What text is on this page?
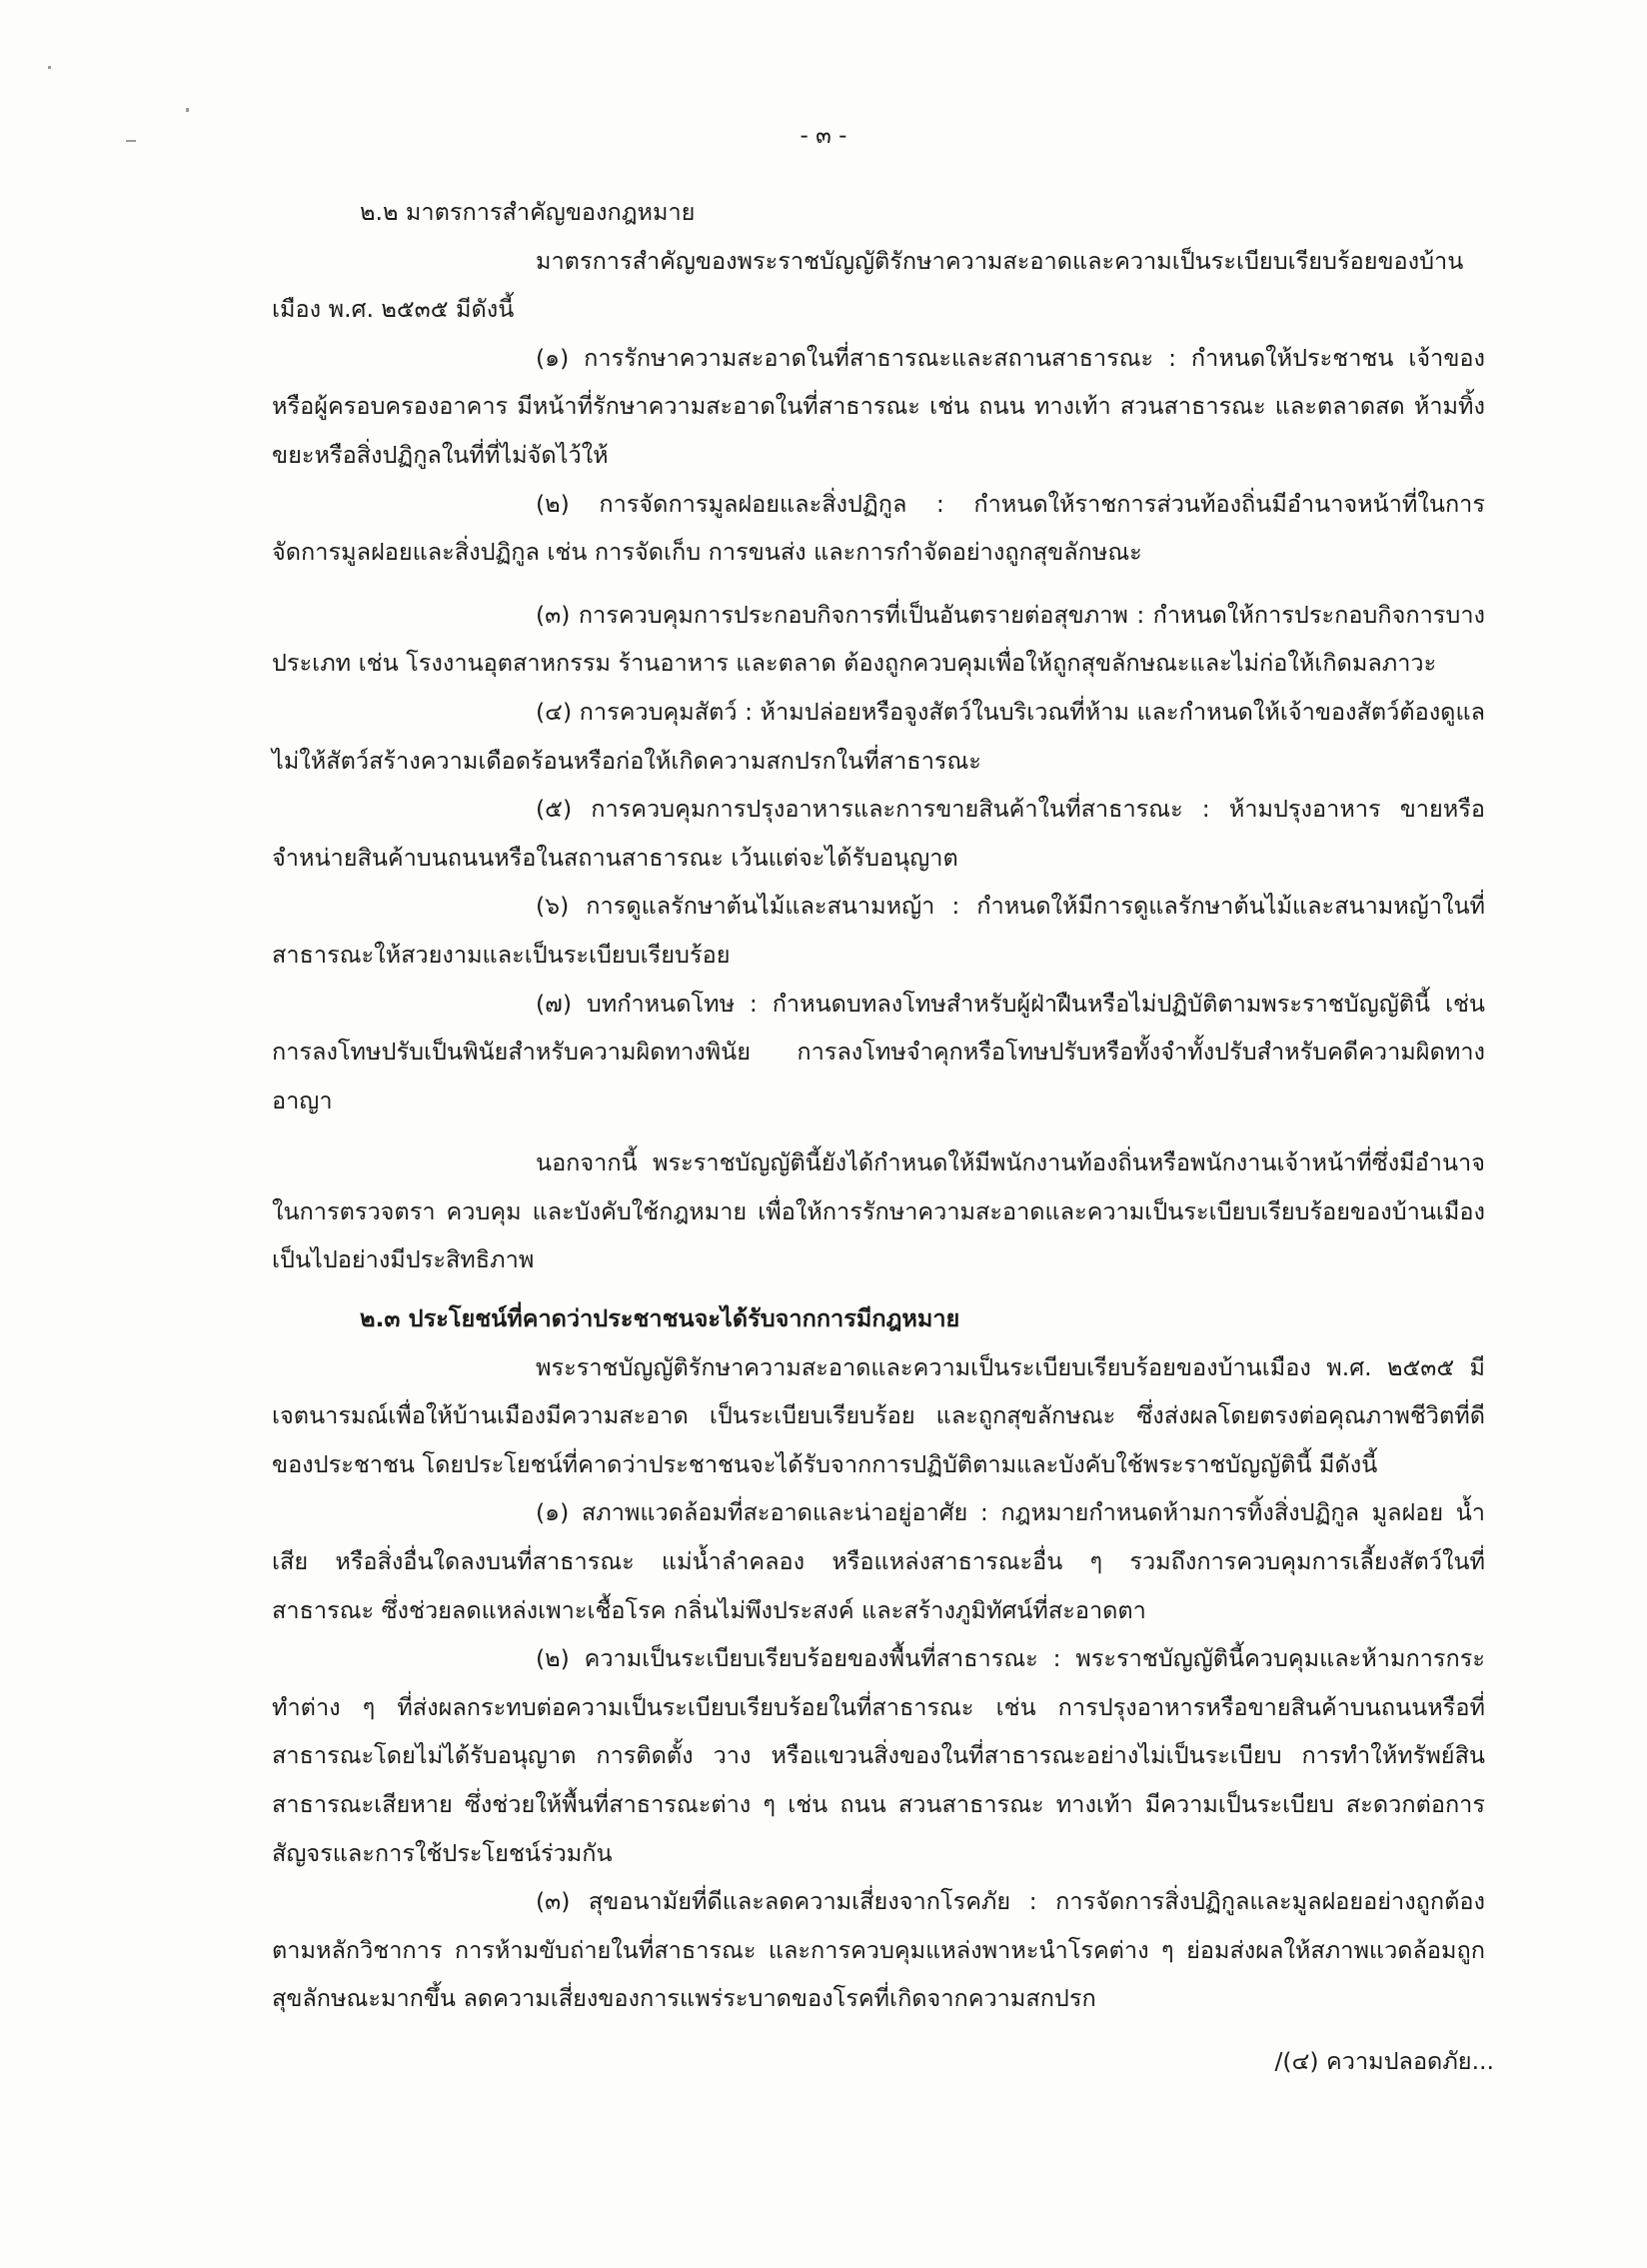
- ๓ -

๒.๒ มาตรการสำคัญของกฎหมาย

มาตรการสำคัญของพระราชบัญญัติรักษาความสะอาดและความเป็นระเบียบเรียบร้อยของบ้านเมือง พ.ศ. ๒๕๓๕ มีดังนี้

(๑) การรักษาความสะอาดในที่สาธารณะและสถานสาธารณะ : กำหนดให้ประชาชน เจ้าของหรือผู้ครอบครองอาคาร มีหน้าที่รักษาความสะอาดในที่สาธารณะ เช่น ถนน ทางเท้า สวนสาธารณะ และตลาดสด ห้ามทิ้งขยะหรือสิ่งปฏิกูลในที่ที่ไม่จัดไว้ให้

(๒) การจัดการมูลฝอยและสิ่งปฏิกูล : กำหนดให้ราชการส่วนท้องถิ่นมีอำนาจหน้าที่ในการจัดการมูลฝอยและสิ่งปฏิกูล เช่น การจัดเก็บ การขนส่ง และการกำจัดอย่างถูกสุขลักษณะ

(๓) การควบคุมการประกอบกิจการที่เป็นอันตรายต่อสุขภาพ : กำหนดให้การประกอบกิจการบางประเภท เช่น โรงงานอุตสาหกรรม ร้านอาหาร และตลาด ต้องถูกควบคุมเพื่อให้ถูกสุขลักษณะและไม่ก่อให้เกิดมลภาวะ

(๔) การควบคุมสัตว์ : ห้ามปล่อยหรือจูงสัตว์ในบริเวณที่ห้าม และกำหนดให้เจ้าของสัตว์ต้องดูแลไม่ให้สัตว์สร้างความเดือดร้อนหรือก่อให้เกิดความสกปรกในที่สาธารณะ

(๕) การควบคุมการปรุงอาหารและการขายสินค้าในที่สาธารณะ : ห้ามปรุงอาหาร ขายหรือจำหน่ายสินค้าบนถนนหรือในสถานสาธารณะ เว้นแต่จะได้รับอนุญาต

(๖) การดูแลรักษาต้นไม้และสนามหญ้า : กำหนดให้มีการดูแลรักษาต้นไม้และสนามหญ้าในที่สาธารณะให้สวยงามและเป็นระเบียบเรียบร้อย

(๗) บทกำหนดโทษ : กำหนดบทลงโทษสำหรับผู้ฝ่าฝืนหรือไม่ปฏิบัติตามพระราชบัญญัตินี้ เช่น การลงโทษปรับเป็นพินัยสำหรับความผิดทางพินัย การลงโทษจำคุกหรือโทษปรับหรือทั้งจำทั้งปรับสำหรับคดีความผิดทางอาญา

นอกจากนี้ พระราชบัญญัตินี้ยังได้กำหนดให้มีพนักงานท้องถิ่นหรือพนักงานเจ้าหน้าที่ซึ่งมีอำนาจในการตรวจตรา ควบคุม และบังคับใช้กฎหมาย เพื่อให้การรักษาความสะอาดและความเป็นระเบียบเรียบร้อยของบ้านเมืองเป็นไปอย่างมีประสิทธิภาพ

๒.๓ ประโยชน์ที่คาดว่าประชาชนจะได้รับจากการมีกฎหมาย

พระราชบัญญัติรักษาความสะอาดและความเป็นระเบียบเรียบร้อยของบ้านเมือง พ.ศ. ๒๕๓๕ มีเจตนารมณ์เพื่อให้บ้านเมืองมีความสะอาด เป็นระเบียบเรียบร้อย และถูกสุขลักษณะ ซึ่งส่งผลโดยตรงต่อคุณภาพชีวิตที่ดีของประชาชน โดยประโยชน์ที่คาดว่าประชาชนจะได้รับจากการปฏิบัติตามและบังคับใช้พระราชบัญญัตินี้ มีดังนี้

(๑) สภาพแวดล้อมที่สะอาดและน่าอยู่อาศัย : กฎหมายกำหนดห้ามการทิ้งสิ่งปฏิกูล มูลฝอย น้ำเสีย หรือสิ่งอื่นใดลงบนที่สาธารณะ แม่น้ำลำคลอง หรือแหล่งสาธารณะอื่น ๆ รวมถึงการควบคุมการเลี้ยงสัตว์ในที่สาธารณะ ซึ่งช่วยลดแหล่งเพาะเชื้อโรค กลิ่นไม่พึงประสงค์ และสร้างภูมิทัศน์ที่สะอาดตา

(๒) ความเป็นระเบียบเรียบร้อยของพื้นที่สาธารณะ : พระราชบัญญัตินี้ควบคุมและห้ามการกระทำต่าง ๆ ที่ส่งผลกระทบต่อความเป็นระเบียบเรียบร้อยในที่สาธารณะ เช่น การปรุงอาหารหรือขายสินค้าบนถนนหรือที่สาธารณะโดยไม่ได้รับอนุญาต การติดตั้ง วาง หรือแขวนสิ่งของในที่สาธารณะอย่างไม่เป็นระเบียบ การทำให้ทรัพย์สินสาธารณะเสียหาย ซึ่งช่วยให้พื้นที่สาธารณะต่าง ๆ เช่น ถนน สวนสาธารณะ ทางเท้า มีความเป็นระเบียบ สะดวกต่อการสัญจรและการใช้ประโยชน์ร่วมกัน

(๓) สุขอนามัยที่ดีและลดความเสี่ยงจากโรคภัย : การจัดการสิ่งปฏิกูลและมูลฝอยอย่างถูกต้องตามหลักวิชาการ การห้ามขับถ่ายในที่สาธารณะ และการควบคุมแหล่งพาหะนำโรคต่าง ๆ ย่อมส่งผลให้สภาพแวดล้อมถูกสุขลักษณะมากขึ้น ลดความเสี่ยงของการแพร่ระบาดของโรคที่เกิดจากความสกปรก

/(๔) ความปลอดภัย...
